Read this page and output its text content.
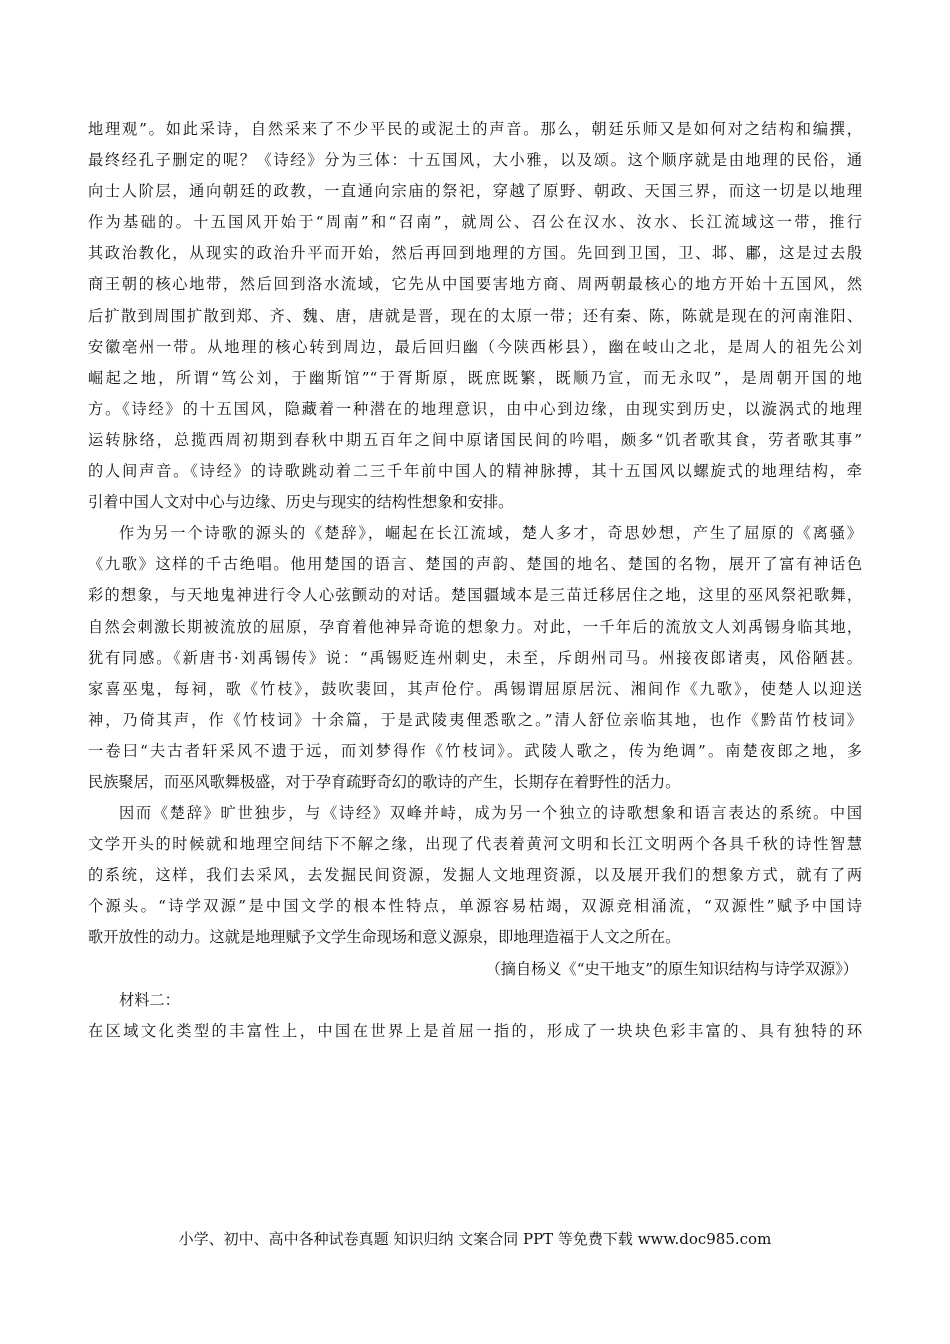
地理观”。如此采诗，自然采来了不少平民的或泥土的声音。那么，朝廷乐师又是如何对之结构和编撰，
最终经孔子删定的呢？《诗经》分为三体：十五国风，大小雅，以及颂。这个顺序就是由地理的民俗，通
向士人阶层，通向朝廷的政教，一直通向宗庙的祭祀，穿越了原野、朝政、天国三界，而这一切是以地理
作为基础的。十五国风开始于“周南”和“召南”，就周公、召公在汉水、汝水、长江流域这一带，推行
其政治教化，从现实的政治升平而开始，然后再回到地理的方国。先回到卫国，卫、邶、鄘，这是过去殷
商王朝的核心地带，然后回到洛水流域，它先从中国要害地方商、周两朝最核心的地方开始十五国风，然
后扩散到周围扩散到郑、齐、魏、唐，唐就是晋，现在的太原一带；还有秦、陈，陈就是现在的河南淮阳、
安徽亳州一带。从地理的核心转到周边，最后回归幽（今陕西彬县），幽在岐山之北，是周人的祖先公刘
崛起之地，所谓“笃公刘，于幽斯馆”“于胥斯原，既庶既繁，既顺乃宣，而无永叹”，是周朝开国的地
方。《诗经》的十五国风，隐藏着一种潜在的地理意识，由中心到边缘，由现实到历史，以漩涡式的地理
运转脉络，总揽西周初期到春秋中期五百年之间中原诸国民间的吟唱，颇多“饥者歌其食，劳者歌其事”
的人间声音。《诗经》的诗歌跳动着二三千年前中国人的精神脉搏，其十五国风以螺旋式的地理结构，牵
引着中国人文对中心与边缘、历史与现实的结构性想象和安排。
作为另一个诗歌的源头的《楚辞》，崛起在长江流域，楚人多才，奇思妙想，产生了屈原的《离骚》
《九歌》这样的千古绝唱。他用楚国的语言、楚国的声韵、楚国的地名、楚国的名物，展开了富有神话色
彩的想象，与天地鬼神进行令人心弦颤动的对话。楚国疆域本是三苗迁移居住之地，这里的巫风祭祀歌舞，
自然会刺激长期被流放的屈原，孕育着他神异奇诡的想象力。对此，一千年后的流放文人刘禹锡身临其地，
犹有同感。《新唐书·刘禹锡传》说：“禹锡贬连州刺史，未至，斥朗州司马。州接夜郎诸夷，风俗陋甚。
家喜巫鬼，每祠，歌《竹枝》，鼓吹裴回，其声伧佇。禹锡谓屈原居沅、湘间作《九歌》，使楚人以迎送
神，乃倚其声，作《竹枝词》十余篇，于是武陵夷俚悉歌之。”清人舒位亲临其地，也作《黔苗竹枝词》
一卷曰“夫古者轩采风不遗于远，而刘梦得作《竹枝词》。武陵人歌之，传为绝调”。南楚夜郎之地，多
民族聚居，而巫风歌舞极盛，对于孕育疏野奇幻的歌诗的产生，长期存在着野性的活力。
因而《楚辞》旷世独步，与《诗经》双峰并峙，成为另一个独立的诗歌想象和语言表达的系统。中国
文学开头的时候就和地理空间结下不解之缘，出现了代表着黄河文明和长江文明两个各具千秋的诗性智慧
的系统，这样，我们去采风，去发掘民间资源，发掘人文地理资源，以及展开我们的想象方式，就有了两
个源头。“诗学双源”是中国文学的根本性特点，单源容易枯竭，双源竞相涌流，“双源性”赋予中国诗
歌开放性的动力。这就是地理赋予文学生命现场和意义源泉，即地理造福于人文之所在。
（摘自杨义《“史干地支”的原生知识结构与诗学双源》）
材料二：
在区域文化类型的丰富性上，中国在世界上是首屈一指的，形成了一块块色彩丰富的、具有独特的环
小学、初中、高中各种试卷真题 知识归纳 文案合同 PPT 等免费下载 www.doc985.com
